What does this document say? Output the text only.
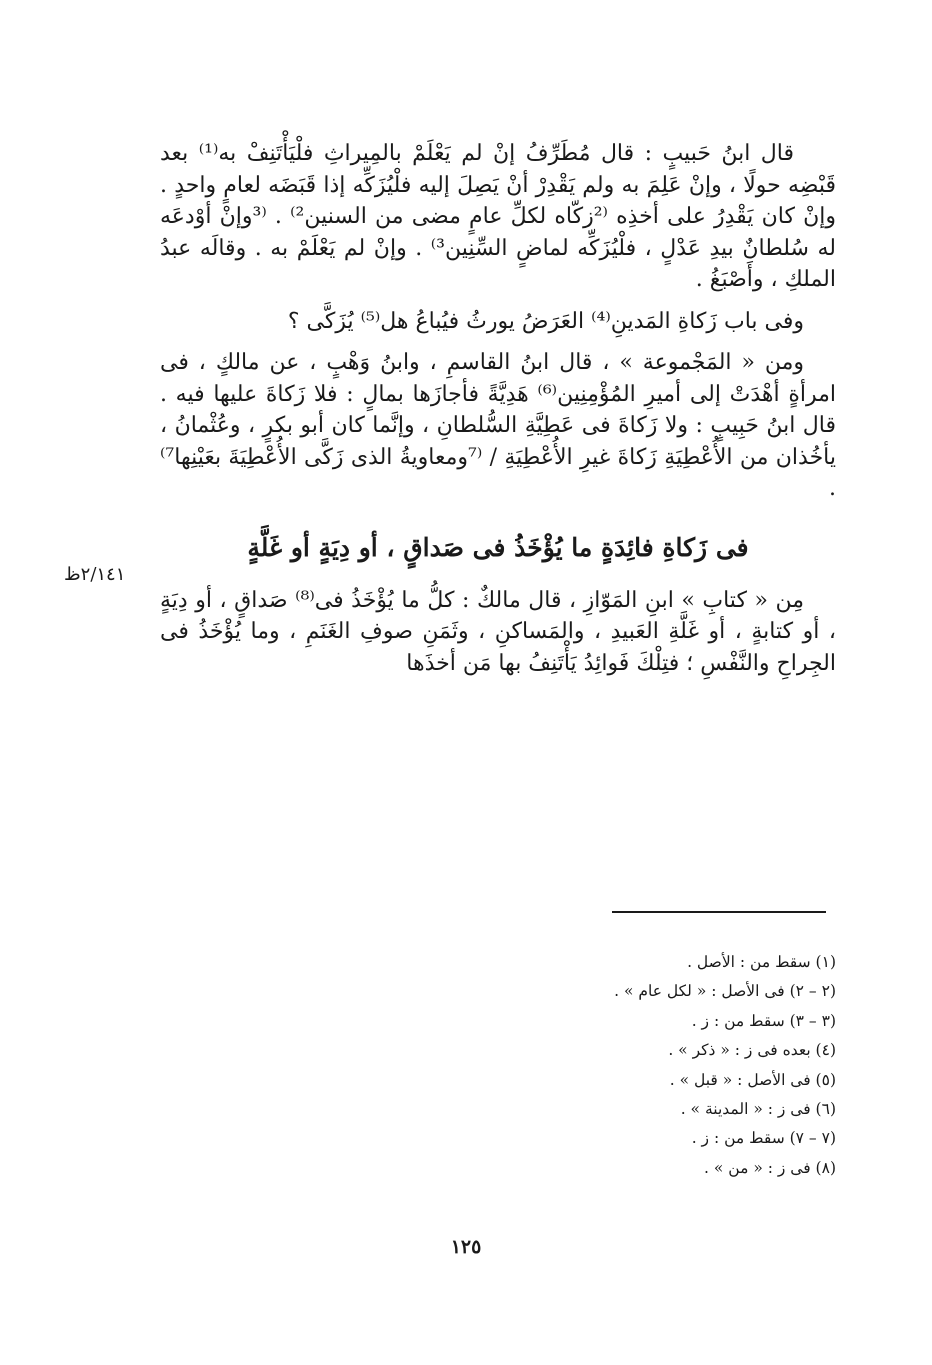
قال ابنُ حَبيبٍ : قال مُطَرِّفُ إنْ لم يَعْلَمْ بالمِيراثِ فلْيَأْتَنِفْ به⁽¹⁾ بعد قَبْضِه حولًا ، وإنْ عَلِمَ به ولم يَقْدِرْ أنْ يَصِلَ إليه فلْيُزَكِّه إذا قَبَضَه لعامٍ واحدٍ . وإنْ كان يَقْدِرُ على أخذِه ⁽²زكّاه لكلِّ عامٍ مضى من السنين²⁾ . ⁽³وإنْ أوْدعَه له سُلطانٌ بيدِ عَدْلٍ ، فلْيُزَكِّه لماضٍ السِّنِين³⁾ . وإنْ لم يَعْلَمْ به . وقالَه عبدُ الملكِ ، وأَصْبَغُ .

وفى باب زَكاةِ المَدينِ⁽⁴⁾ العَرَضُ يورثُ فيُباعُ هل⁽⁵⁾ يُزَكَّى ؟

ومن « المَجْموعة » ، قال ابنُ القاسمِ ، وابنُ وَهْبٍ ، عن مالكٍ ، فى امرأةٍ أهْدَتْ إلى أميرِ المُؤْمِنِين⁽⁶⁾ هَدِيَّةً فأجازَها بمالٍ : فلا زَكاةَ عليها فيه . قال ابنُ حَبِيبٍ : ولا زَكاةَ فى عَطِيَّةِ السُّلطانِ ، وإنَّما كان أبو بكرٍ ، وعُثْمانُ ، يأخُذان من الأُعْطِيَةِ زَكاةَ غيرِ الأُعْطِيَةِ / ⁽⁷ومعاويةُ الذى زَكَّى الأُعْطِيَةَ بعَيْنِها⁷⁾ .

فى زَكاةِ فائِدَةٍ ما يُؤْخَذُ فى صَداقٍ ، أو دِيَةٍ أو غَلَّةٍ

مِن « كتابِ » ابنِ المَوّازِ ، قال مالكٌ : كلُّ ما يُؤْخَذُ فى⁽⁸⁾ صَداقٍ ، أو دِيَةٍ ، أو كتابةٍ ، أو غَلَّةِ العَبيدِ ، والمَساكنِ ، وثَمَنِ صوفِ الغَنَمِ ، وما يُؤْخَذُ فى الجِراحِ والنَّفْسِ ؛ فتِلْكَ فَوائِدُ يَأْتَنِفُ بها مَن أخذَها

٢/١٤١ظ
(١) سقط من : الأصل .
(٢ – ٢) فى الأصل : « لكل عام » .
(٣ – ٣) سقط من : ز .
(٤) بعده فى ز : « ذكر » .
(٥) فى الأصل : « قبل » .
(٦) فى ز : « المدينة » .
(٧ – ٧) سقط من : ز .
(٨) فى ز : « من » .
١٢٥
